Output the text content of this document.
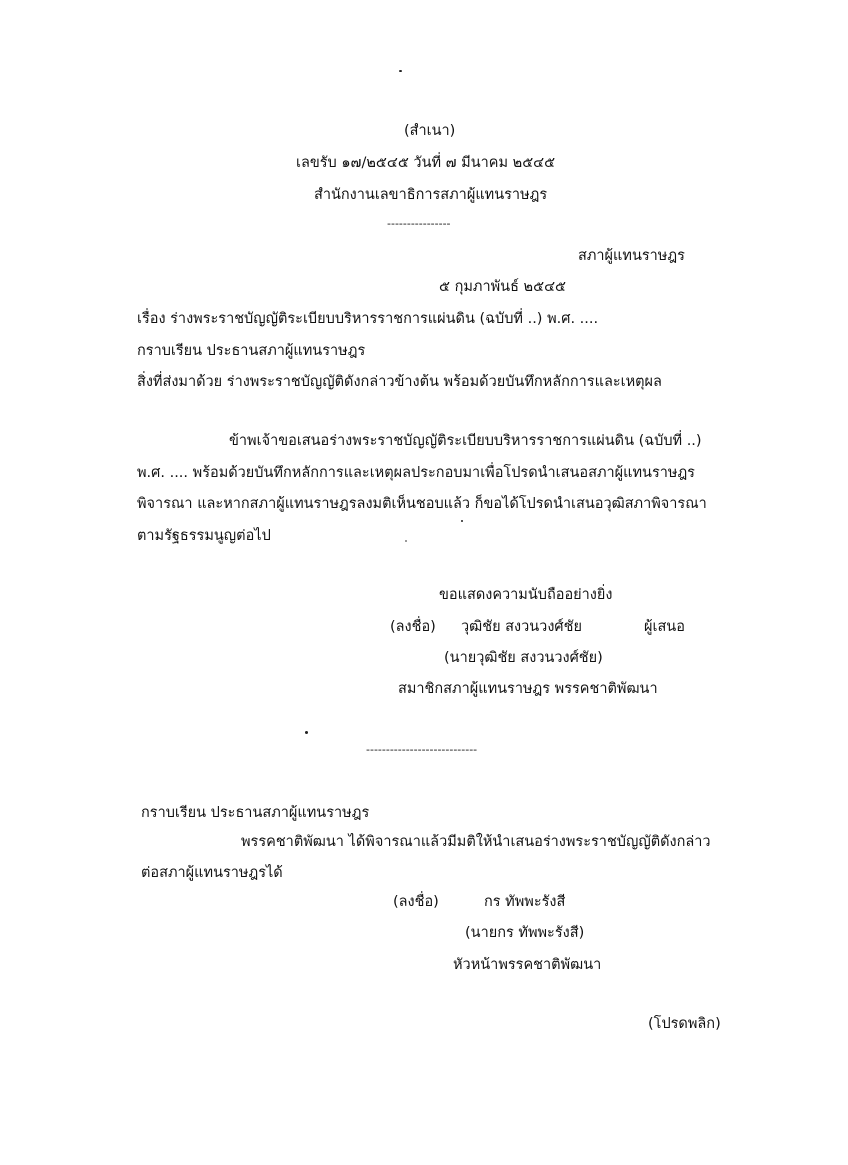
(สำเนา)
เลขรับ ๑๗/๒๕๔๕ วันที่ ๗ มีนาคม ๒๕๔๕
สำนักงานเลขาธิการสภาผู้แทนราษฎร
----------------
สภาผู้แทนราษฎร
๕ กุมภาพันธ์ ๒๕๔๕
เรื่อง ร่างพระราชบัญญัติระเบียบบริหารราชการแผ่นดิน (ฉบับที่ ..) พ.ศ. ....
กราบเรียน ประธานสภาผู้แทนราษฎร
สิ่งที่ส่งมาด้วย ร่างพระราชบัญญัติดังกล่าวข้างต้น พร้อมด้วยบันทึกหลักการและเหตุผล
ข้าพเจ้าขอเสนอร่างพระราชบัญญัติระเบียบบริหารราชการแผ่นดิน (ฉบับที่ ..)
พ.ศ. .... พร้อมด้วยบันทึกหลักการและเหตุผลประกอบมาเพื่อโปรดนำเสนอสภาผู้แทนราษฎร
พิจารณา และหากสภาผู้แทนราษฎรลงมติเห็นชอบแล้ว ก็ขอได้โปรดนำเสนอวุฒิสภาพิจารณา
ตามรัฐธรรมนูญต่อไป
ขอแสดงความนับถืออย่างยิ่ง
(ลงชื่อ) วุฒิชัย สงวนวงศ์ชัย	ผู้เสนอ
(นายวุฒิชัย สงวนวงศ์ชัย)
สมาชิกสภาผู้แทนราษฎร พรรคชาติพัฒนา
----------------------------
กราบเรียน ประธานสภาผู้แทนราษฎร
พรรคชาติพัฒนา ได้พิจารณาแล้วมีมติให้นำเสนอร่างพระราชบัญญัติดังกล่าว
ต่อสภาผู้แทนราษฎรได้
(ลงชื่อ)	กร ทัพพะรังสี
(นายกร ทัพพะรังสี)
หัวหน้าพรรคชาติพัฒนา
(โปรดพลิก)
